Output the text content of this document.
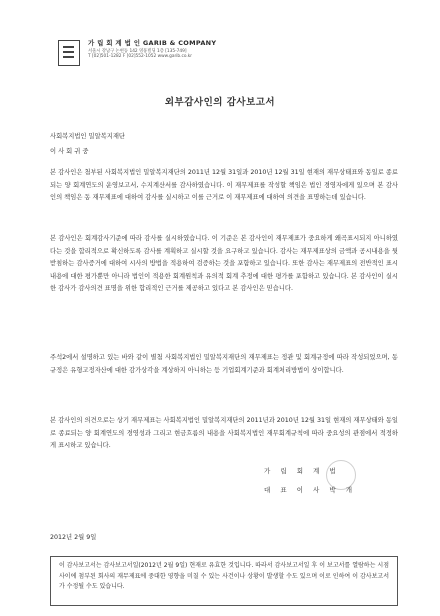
가 립 회 계 법 인 GARIB & COMPANY
서울시 강남구 논현동 142 영풍빌딩 1층 [135-749]
T [02]501-1282 F [02]552-1052 www.garib.co.kr
외부감사인의 감사보고서
사회복지법인 밀알복지재단
이 사 회 귀 중

본 감사인은 첨부된 사회복지법인 밀알복지재단의 2011년 12월 31일과 2010년 12월 31일 현재의 재무상태표와 동일로 종료되는 양 회계연도의 운영보고서, 수지계산서를 감사하였습니다. 이 재무제표를 작성할 책임은 법인 경영자에게 있으며 본 감사인의 책임은 동 재무제표에 대하여 감사를 실시하고 이를 근거로 이 재무제표에 대하여 의견을 표명하는데 있습니다.

본 감사인은 회계감사기준에 따라 감사를 실시하였습니다. 이 기준은 본 감사인이 재무제표가 중요하게 왜곡표시되지 아니하였다는 것을 합리적으로 확신하도록 감사를 계획하고 실시할 것을 요구하고 있습니다. 감사는 재무제표상의 금액과 공시내용을 뒷받침하는 감사증거에 대하여 시사의 방법을 적용하여 검증하는 것을 포함하고 있습니다. 또한 감사는 재무제표의 전반적인 표시내용에 대한 평가뿐만 아니라 법인이 적용한 회계원칙과 유의적 회계 추정에 대한 평가를 포함하고 있습니다. 본 감사인이 실시한 감사가 감사의견 표명을 위한 합리적인 근거를 제공하고 있다고 본 감사인은 믿습니다.

주석2에서 설명하고 있는 바와 같이 별첨 사회복지법인 밀알복지재단의 재무제표는 정관 및 회계규정에 따라 작성되었으며, 동 규정은 유형고정자산에 대한 감가상각을 계상하지 아니하는 등 기업회계기준과 회계처리방법이 상이합니다.

본 감사인의 의견으로는 상기 재무제표는 사회복지법인 밀알복지재단의 2011년과 2010년 12월 31일 현재의 재무상태와 동일로 종료되는 양 회계연도의 경영성과 그리고 현금흐름의 내용을 사회복지법인 재무회계규칙에 따라 중요성의 관점에서 적정하게 표시하고 있습니다.

가 립 회 계 법
대 표 이 사 박 개
2012년 2월 9일

이 감사보고서는 감사보고서일(2012년 2월 9일) 현재로 유효한 것입니다. 따라서 감사보고서일 후 이 보고서를 열람하는 시점 사이에 첨부된 회사의 재무제표에 중대한 영향을 미칠 수 있는 사건이나 상황이 발생할 수도 있으며 이로 인하여 이 감사보고서가 수정될 수도 있습니다.
